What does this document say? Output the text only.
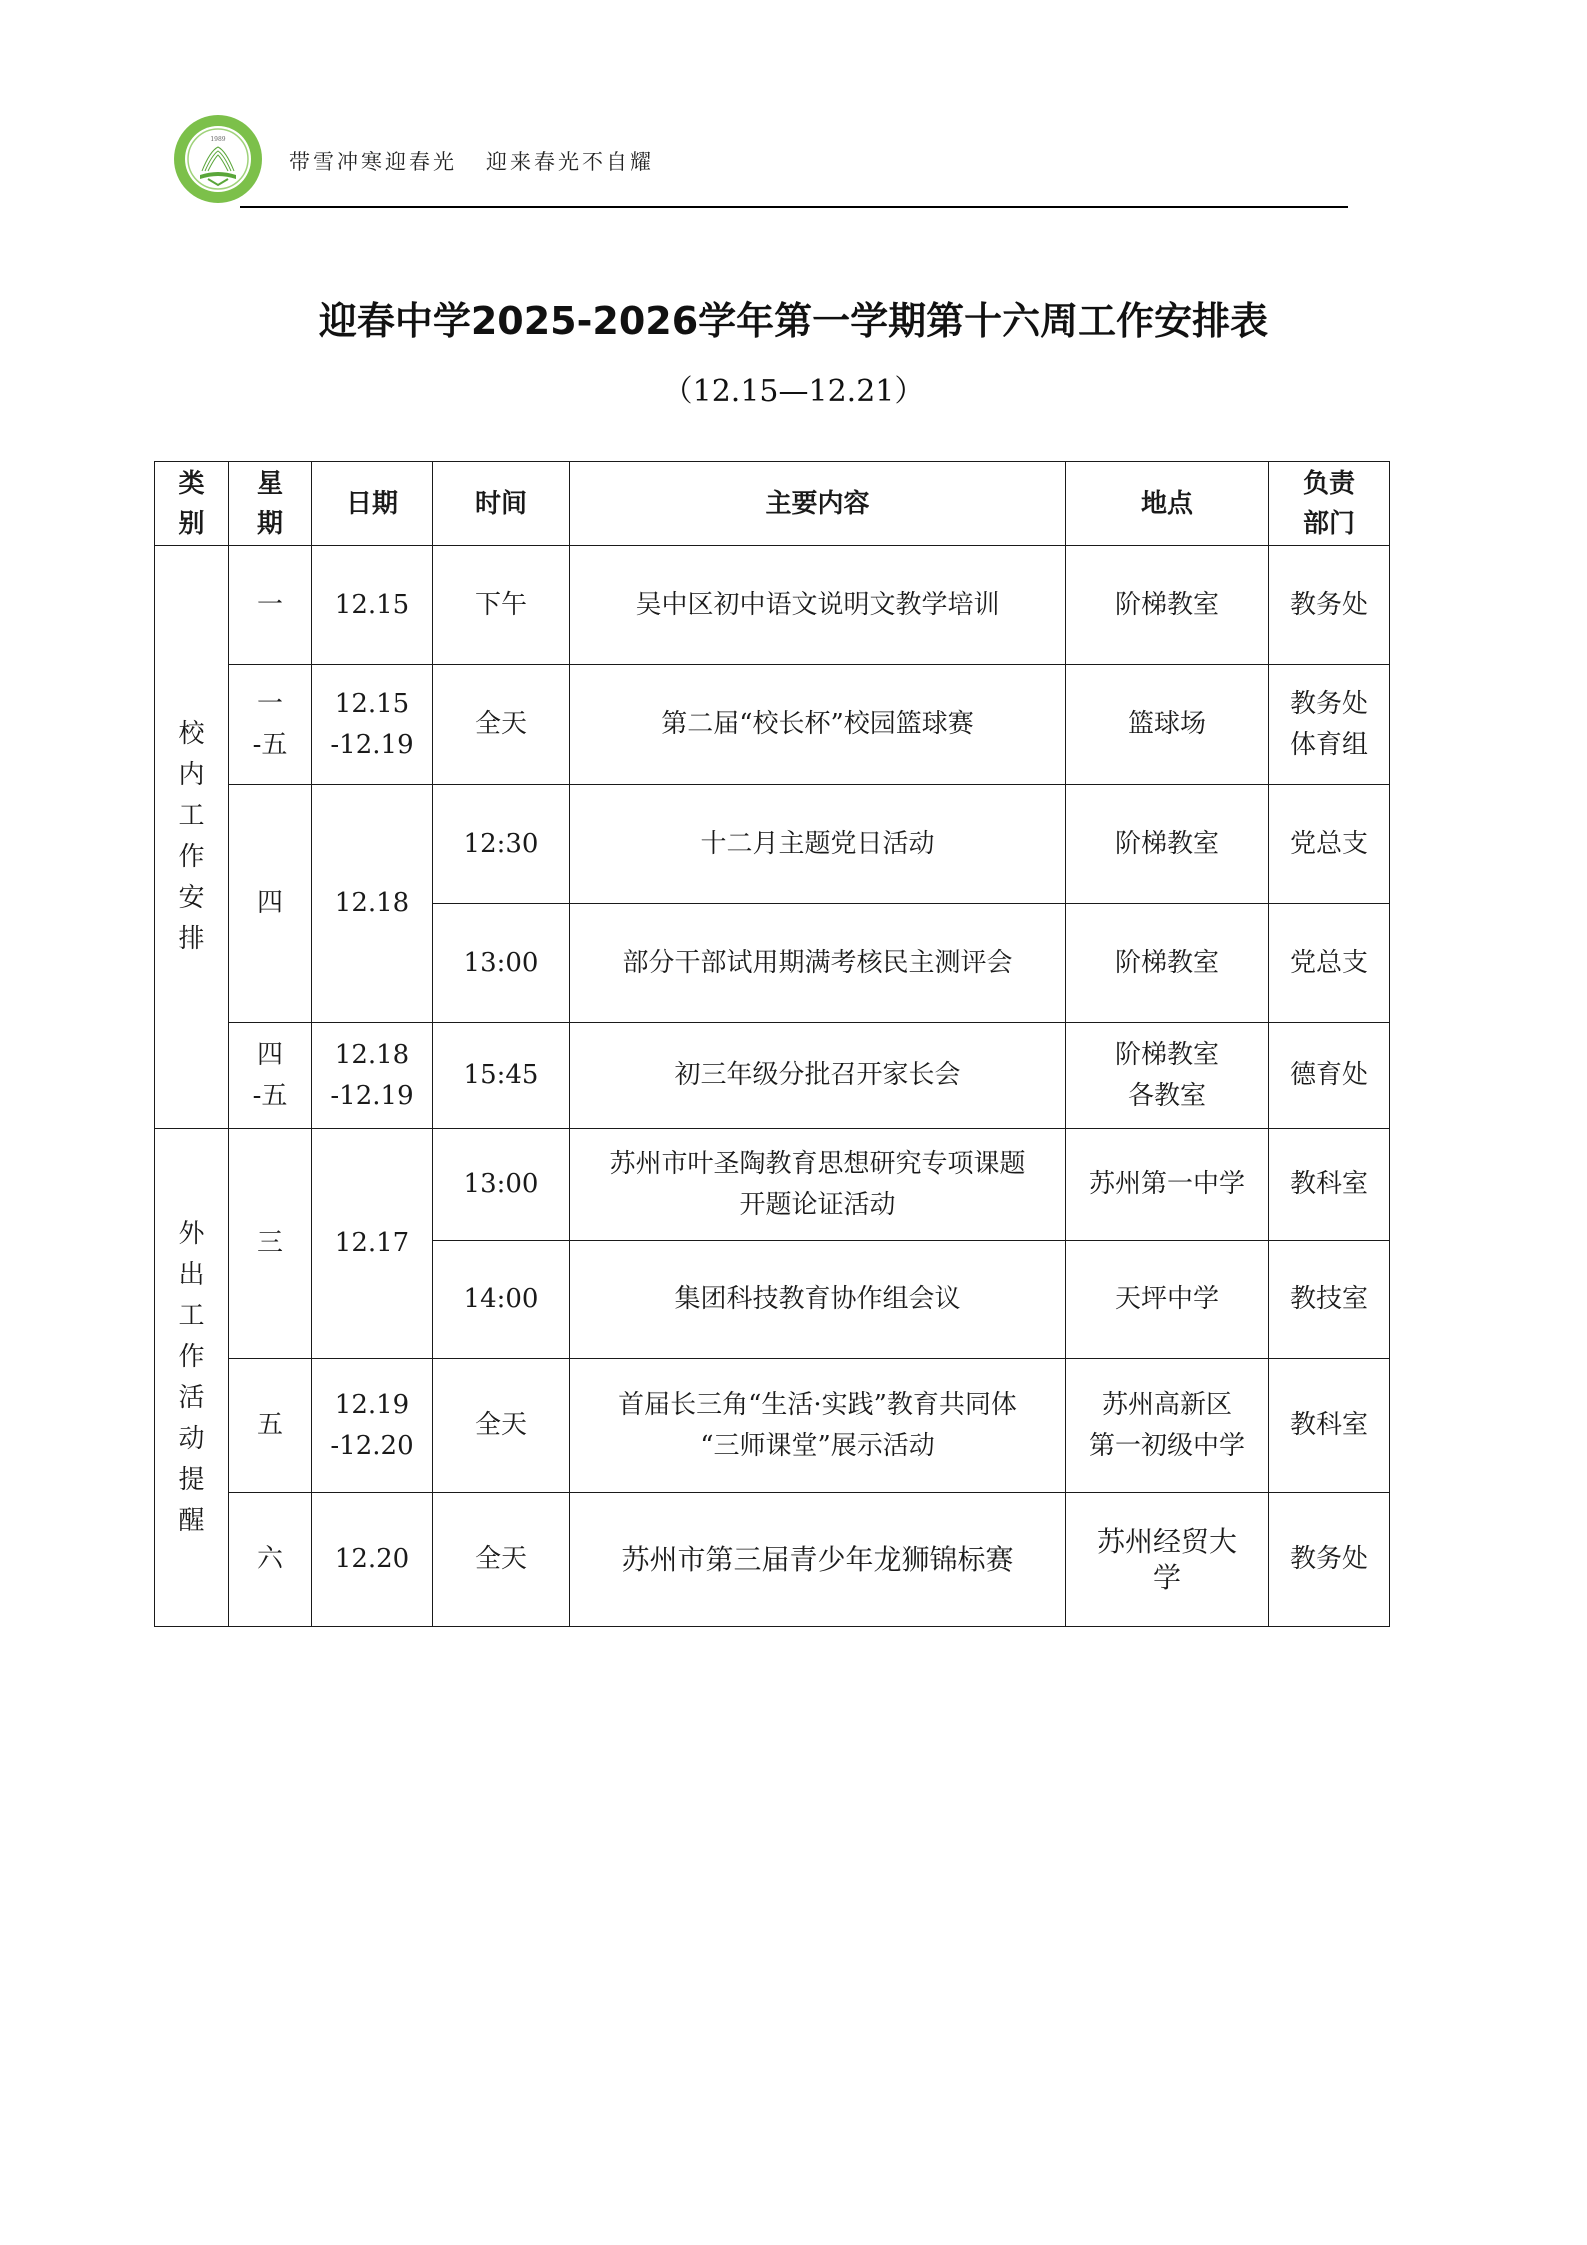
1989
带雪冲寒迎春光   迎来春光不自耀
迎春中学2025-2026学年第一学期第十六周工作安排表
（12.15—12.21）
类
别	星
期	日期	时间	主要内容	地点	负责
部门

校
内
工
作
安
排
	一	12.15	下午	吴中区初中语文说明文教学培训	阶梯教室	教务处

	一
-五	12.15
-12.19	全天	第二届“校长杯”校园篮球赛	篮球场	教务处
体育组

	四	12.18	12:30	十二月主题党日活动	阶梯教室	党总支
			13:00	部分干部试用期满考核民主测评会	阶梯教室	党总支

	四
-五	12.18
-12.19	15:45	初三年级分批召开家长会	阶梯教室
各教室	德育处

外
出
工
作
活
动
提
醒
	三	12.17	13:00	
苏州市叶圣陶教育思想研究专项课题
开题论证活动
	苏州第一中学	教科室
			14:00	集团科技教育协作组会议	天坪中学	教技室
	五	12.19
-12.20	全天	首届长三角“生活·实践”教育共同体
“三师课堂”展示活动	苏州高新区
第一初级中学	教科室
	六	12.20	全天	苏州市第三届青少年龙狮锦标赛	苏州经贸大
学	教务处
